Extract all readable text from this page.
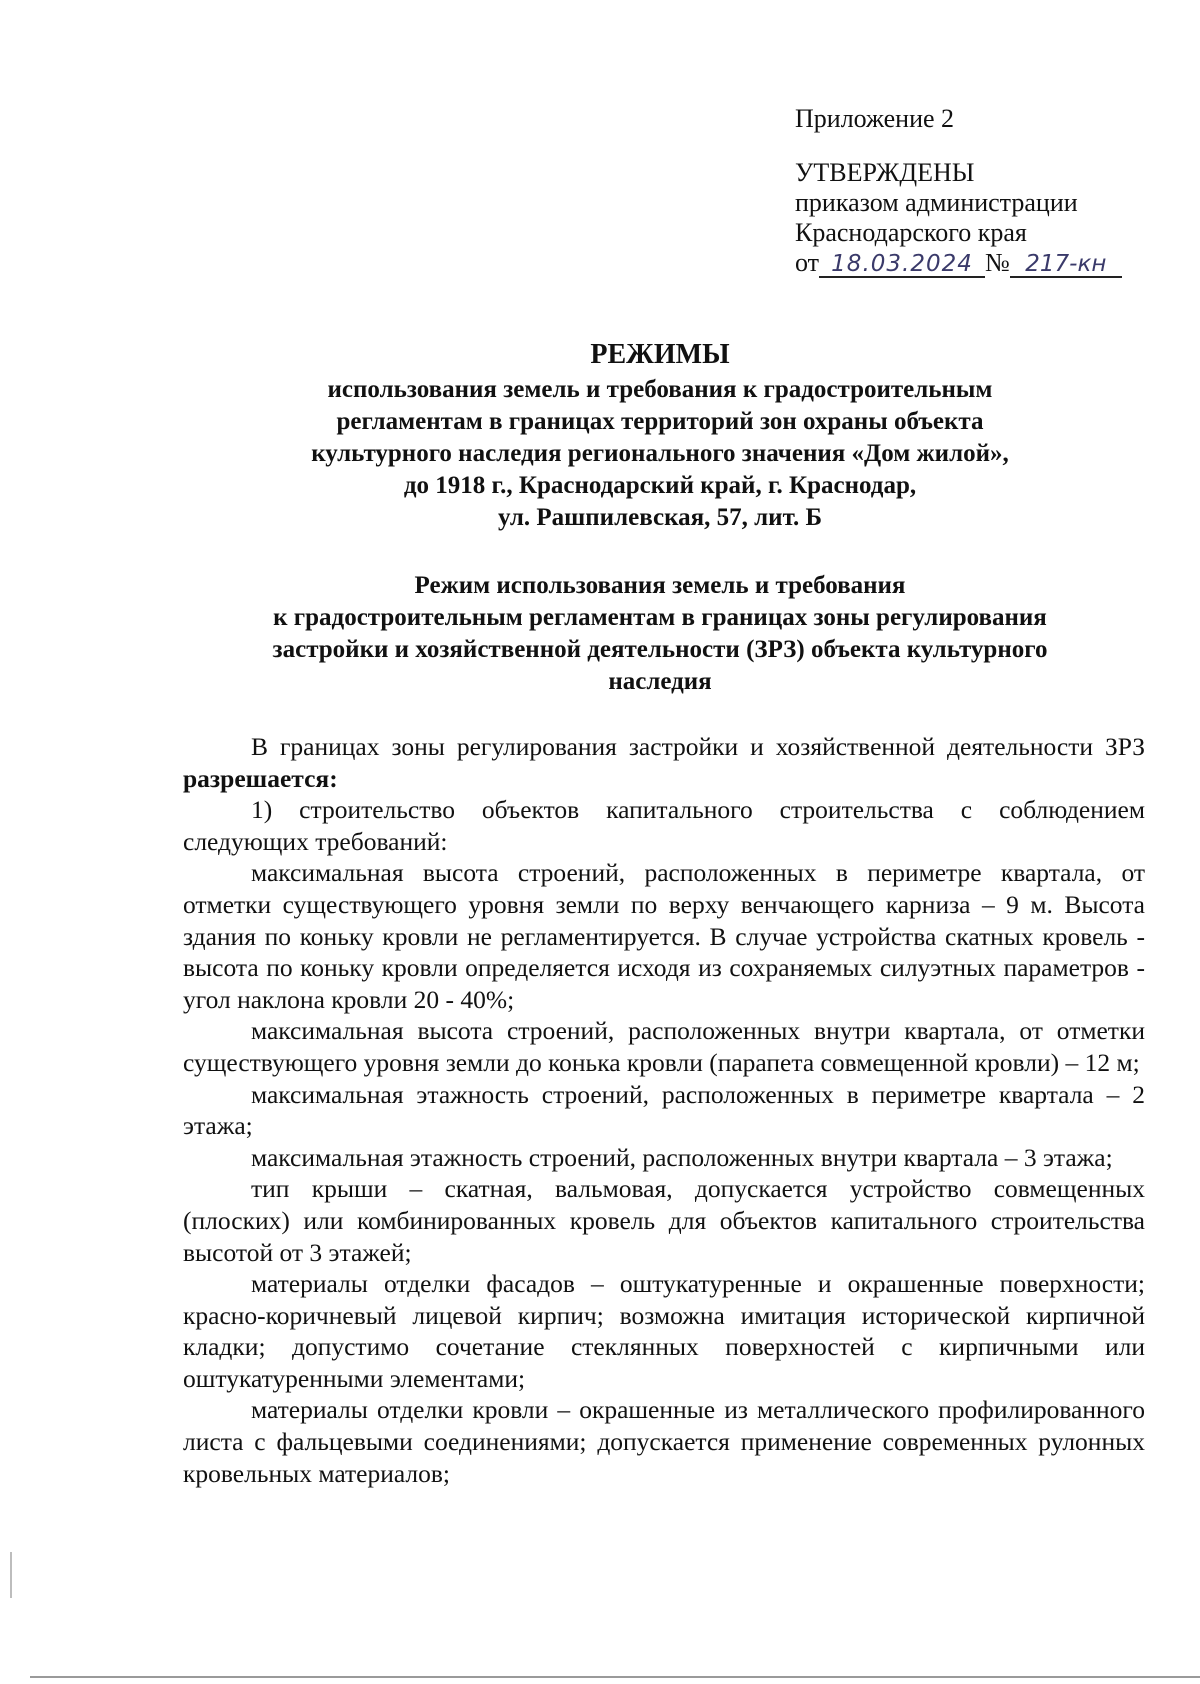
Приложение 2
УТВЕРЖДЕНЫ
приказом администрации
Краснодарского края
от 18.03.2024 № 217-кн
РЕЖИМЫ
использования земель и требования к градостроительным
регламентам в границах территорий зон охраны объекта
культурного наследия регионального значения «Дом жилой»,
до 1918 г., Краснодарский край, г. Краснодар,
ул. Рашпилевская, 57, лит. Б
Режим использования земель и требования
к градостроительным регламентам в границах зоны регулирования
застройки и хозяйственной деятельности (ЗРЗ) объекта культурного
наследия

В границах зоны регулирования застройки и хозяйственной деятельности ЗРЗ разрешается:

1) строительство объектов капитального строительства с соблюдением следующих требований:

максимальная высота строений, расположенных в периметре квартала, от отметки существующего уровня земли по верху венчающего карниза – 9 м. Высота здания по коньку кровли не регламентируется. В случае устройства скатных кровель - высота по коньку кровли определяется исходя из сохраняемых силуэтных параметров - угол наклона кровли 20 - 40%;

максимальная высота строений, расположенных внутри квартала, от отметки существующего уровня земли до конька кровли (парапета совмещенной кровли) – 12 м;

максимальная этажность строений, расположенных в периметре квартала – 2 этажа;

максимальная этажность строений, расположенных внутри квартала – 3 этажа;

тип крыши – скатная, вальмовая, допускается устройство совмещенных (плоских) или комбинированных кровель для объектов капитального строительства высотой от 3 этажей;

материалы отделки фасадов – оштукатуренные и окрашенные поверхности; красно-коричневый лицевой кирпич; возможна имитация исторической кирпичной кладки; допустимо сочетание стеклянных поверхностей с кирпичными или оштукатуренными элементами;

материалы отделки кровли – окрашенные из металлического профилированного листа с фальцевыми соединениями; допускается применение современных рулонных кровельных материалов;
